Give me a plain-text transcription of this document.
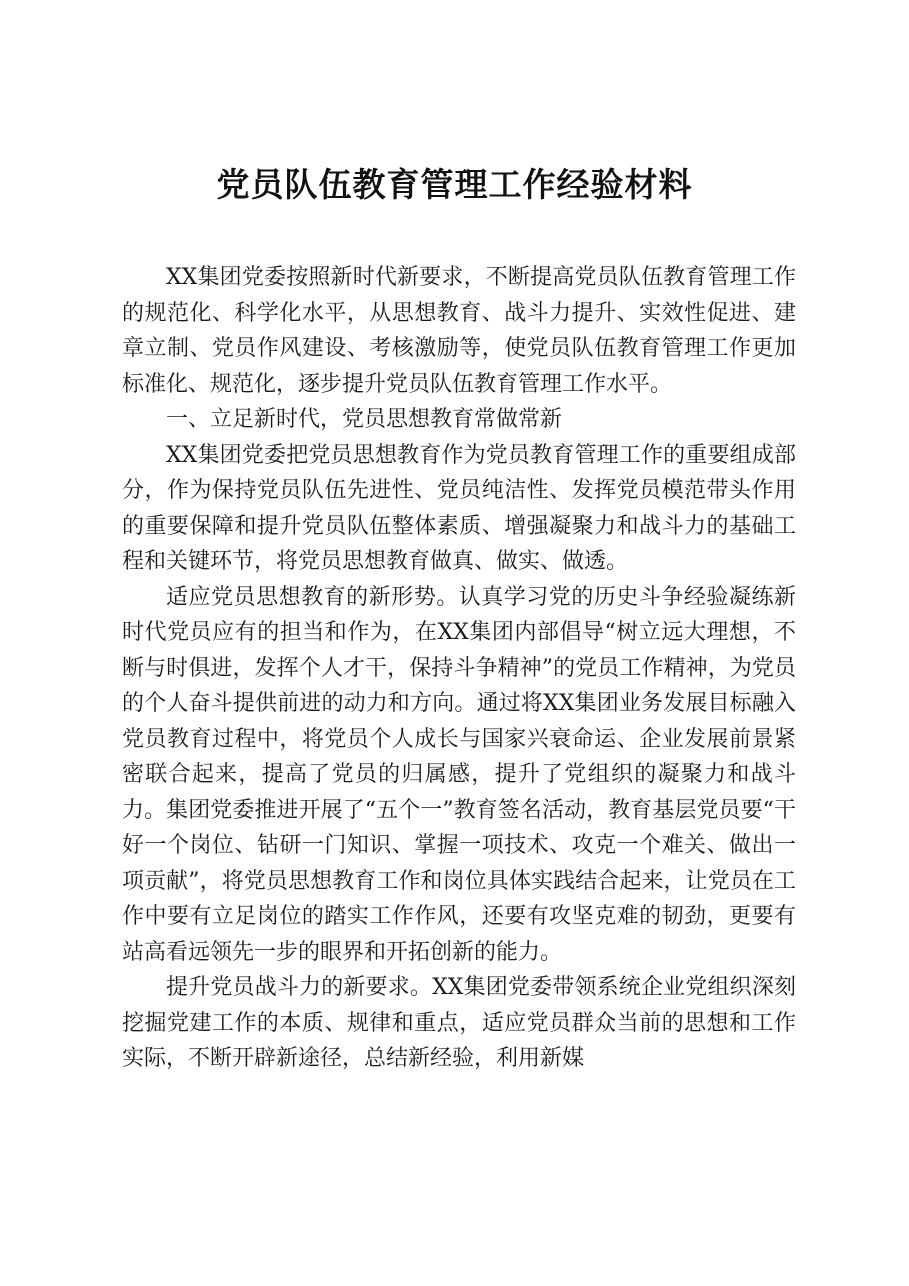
党员队伍教育管理工作经验材料

XX集团党委按照新时代新要求，不断提高党员队伍教育管理工作的规范化、科学化水平，从思想教育、战斗力提升、实效性促进、建章立制、党员作风建设、考核激励等，使党员队伍教育管理工作更加标准化、规范化，逐步提升党员队伍教育管理工作水平。

一、立足新时代，党员思想教育常做常新

XX集团党委把党员思想教育作为党员教育管理工作的重要组成部分，作为保持党员队伍先进性、党员纯洁性、发挥党员模范带头作用的重要保障和提升党员队伍整体素质、增强凝聚力和战斗力的基础工程和关键环节，将党员思想教育做真、做实、做透。

适应党员思想教育的新形势。认真学习党的历史斗争经验凝练新时代党员应有的担当和作为，在XX集团内部倡导“树立远大理想，不断与时俱进，发挥个人才干，保持斗争精神”的党员工作精神，为党员的个人奋斗提供前进的动力和方向。通过将XX集团业务发展目标融入党员教育过程中，将党员个人成长与国家兴衰命运、企业发展前景紧密联合起来，提高了党员的归属感，提升了党组织的凝聚力和战斗力。集团党委推进开展了“五个一”教育签名活动，教育基层党员要“干好一个岗位、钻研一门知识、掌握一项技术、攻克一个难关、做出一项贡献”，将党员思想教育工作和岗位具体实践结合起来，让党员在工作中要有立足岗位的踏实工作作风，还要有攻坚克难的韧劲，更要有站高看远领先一步的眼界和开拓创新的能力。

提升党员战斗力的新要求。XX集团党委带领系统企业党组织深刻挖掘党建工作的本质、规律和重点，适应党员群众当前的思想和工作实际，不断开辟新途径，总结新经验，利用新媒
